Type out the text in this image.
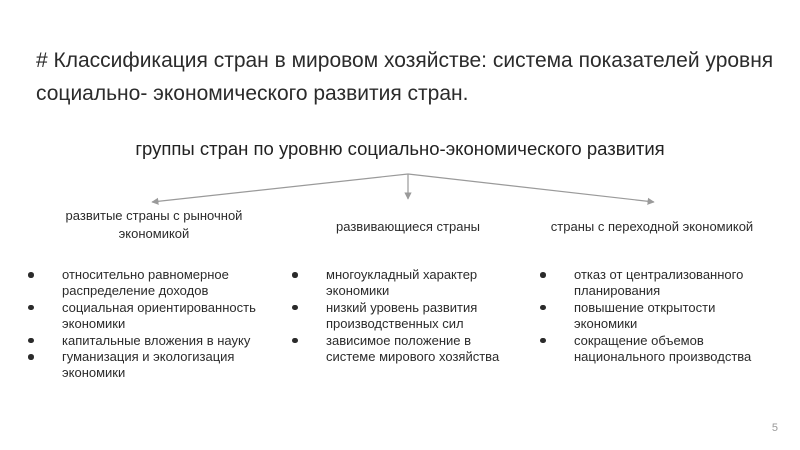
# Классификация стран в мировом хозяйстве: система показателей уровня социально- экономического развития стран.
группы стран по уровню социально-экономического развития
развитые страны с рыночной экономикой
относительно равномерное распределение доходов
социальная ориентированность экономики
капитальные вложения в науку
гуманизация и экологизация экономики
развивающиеся страны
многоукладный характер экономики
низкий уровень развития производственных сил
зависимое положение в системе мирового хозяйства
страны с переходной экономикой
отказ от централизованного планирования
повышение открытости экономики
сокращение объемов национального производства
5
